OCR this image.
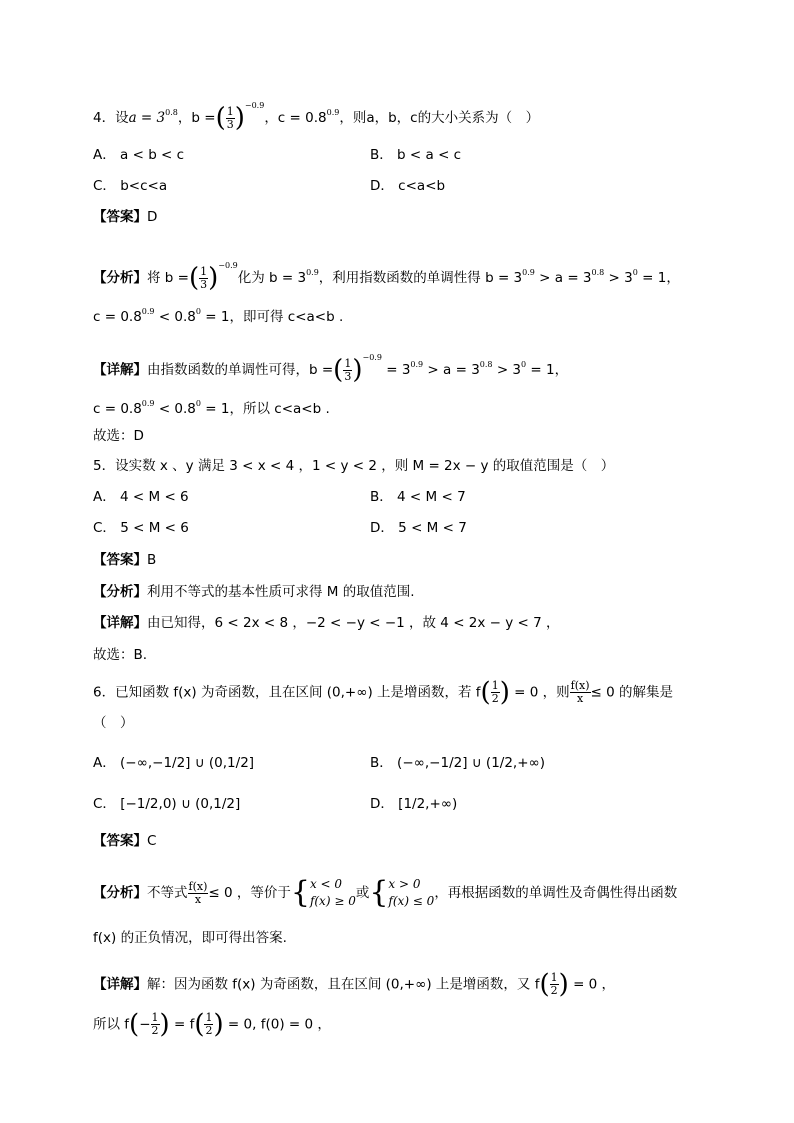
4．设$a = 3^{0.8}$，b =( $\frac{1}{3} )^{-0.9}$，$c = 0.8^{0.9}$，则a，b，c的大小关系为（　）
A． a < b < c	B． b < a < c
C． b<c<a	D． c<a<b
【答案】D
【分析】将 b =( $\frac{1}{3} )^{-0.9}$化为 $b = 3^{0.9}$，利用指数函数的单调性得 $b = 3^{0.9} > a = 3^{0.8} > 3^0 = 1$，
$c = 0.8^{0.9} < 0.8^0 = 1$，即可得 c<a<b .
【详解】由指数函数的单调性可得，b =( $\frac{1}{3} )^{-0.9} = 3^{0.9} > a = 3^{0.8} > 3^0 = 1$，
$c = 0.8^{0.9} < 0.8^0 = 1$，所以 c<a<b .
故选：D
5．设实数 x 、y 满足 3 < x < 4 ，1 < y < 2 ，则 M = 2x − y 的取值范围是（　）
A． 4 < M < 6	B． 4 < M < 7
C． 5 < M < 6	D． 5 < M < 7
【答案】B
【分析】利用不等式的基本性质可求得 M 的取值范围.
【详解】由已知得，6 < 2x < 8 ，−2 < −y < −1 ，故 4 < 2x − y < 7 ，
故选：B.
6．已知函数 f(x) 为奇函数，且在区间 (0,+∞) 上是增函数，若 $f( \frac{1}{2}$ ) = 0 ，则 $\frac{f(x)}{x} \le 0$ 的解集是
（　）
A． (−∞,−1/2] ∪ (0,1/2]	B． (−∞,−1/2] ∪ (1/2,+∞)
C． [−1/2,0) ∪ (0,1/2]	D． [1/2,+∞)
【答案】C
【分析】不等式 $\frac{f(x)}{x} \le 0$ ，等价于{ x < 0
f(x) ≥ 0 或{ x > 0
f(x) ≤ 0 ，再根据函数的单调性及奇偶性得出函数
f(x) 的正负情况，即可得出答案.
【详解】解：因为函数 f(x) 为奇函数，且在区间 (0,+∞) 上是增函数，又 $f( \frac{1}{2}$ ) = 0 ，
所以 $f(- \frac{1}{2}$ ) = $f( \frac{1}{2}$ ) = 0, f(0) = 0 ，
